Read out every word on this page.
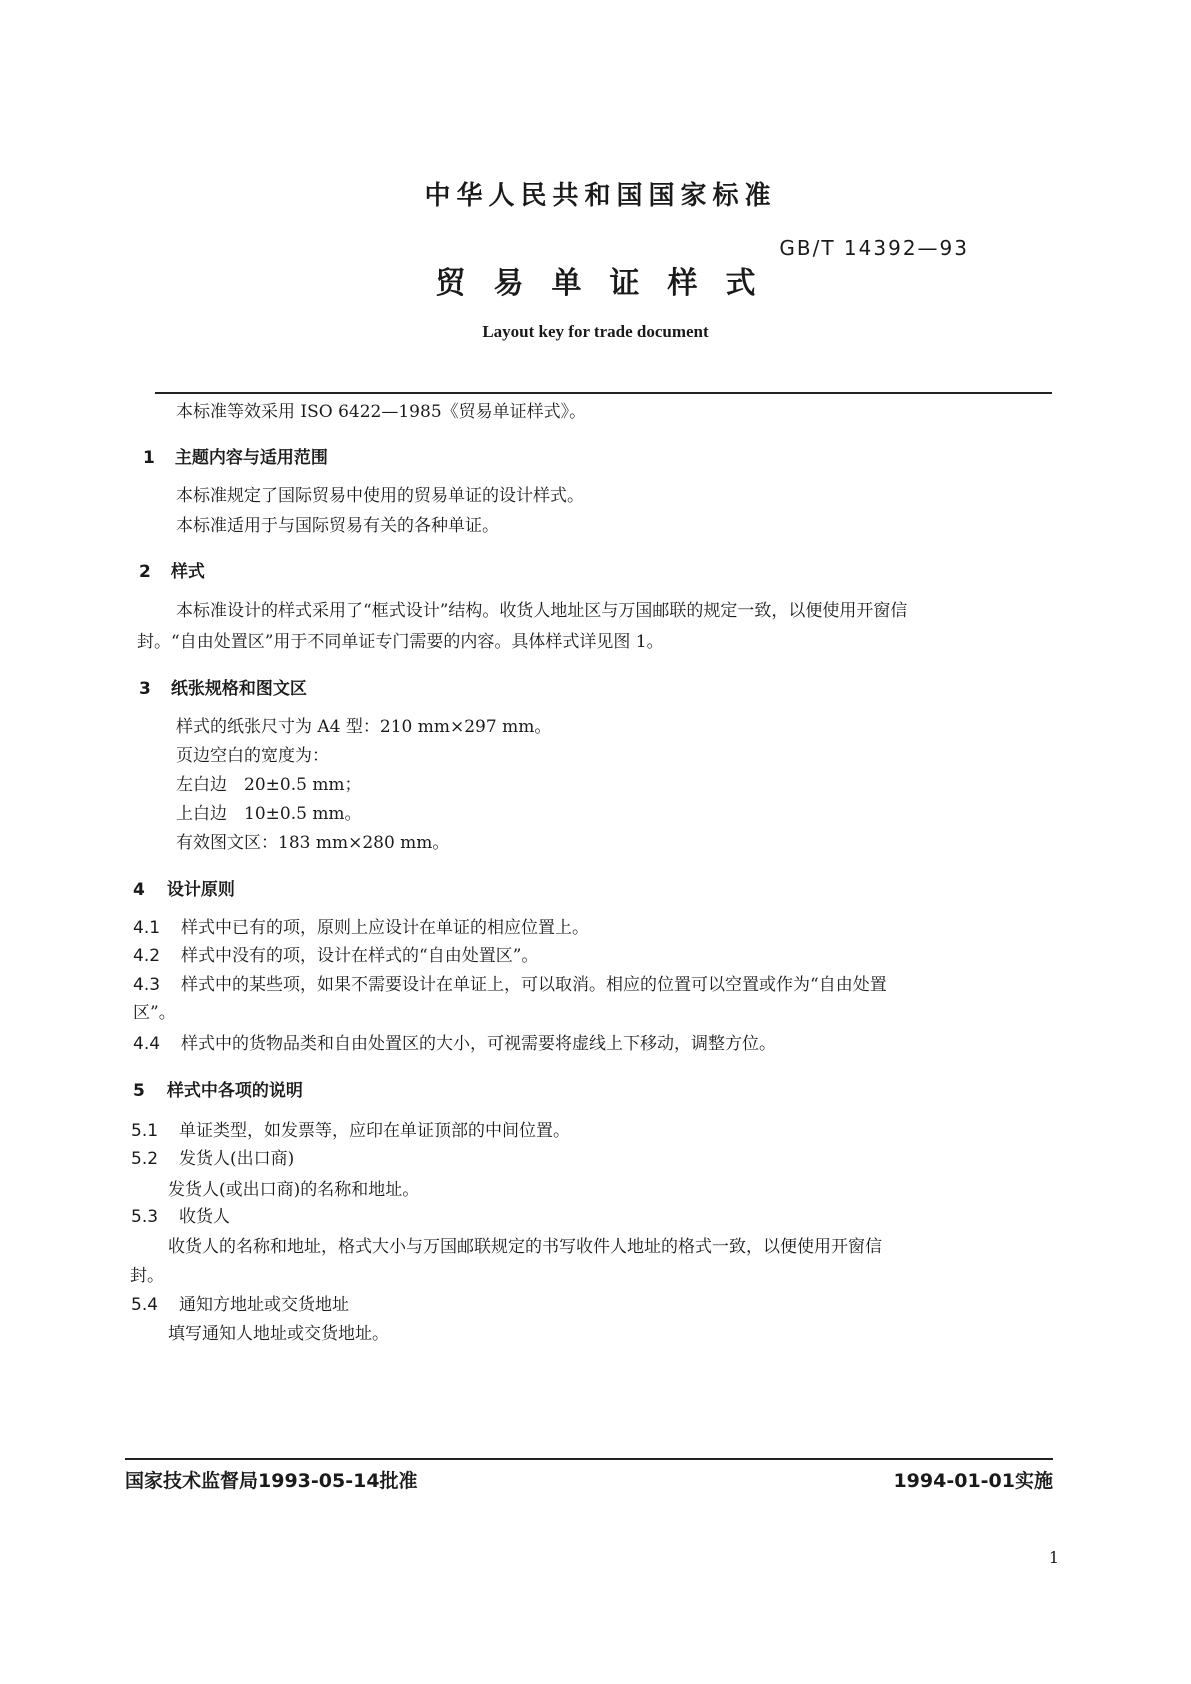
中华人民共和国国家标准
GB/T 14392—93
贸易单证样式
Layout key for trade document
本标准等效采用 ISO 6422—1985《贸易单证样式》。
1 主题内容与适用范围
本标准规定了国际贸易中使用的贸易单证的设计样式。
本标准适用于与国际贸易有关的各种单证。
2 样式
本标准设计的样式采用了“框式设计”结构。收货人地址区与万国邮联的规定一致，以便使用开窗信
封。“自由处置区”用于不同单证专门需要的内容。具体样式详见图 1。
3 纸张规格和图文区
样式的纸张尺寸为 A4 型：210 mm×297 mm。
页边空白的宽度为：
左白边　20±0.5 mm；
上白边　10±0.5 mm。
有效图文区：183 mm×280 mm。
4 设计原则
4.1 样式中已有的项，原则上应设计在单证的相应位置上。
4.2 样式中没有的项，设计在样式的“自由处置区”。
4.3 样式中的某些项，如果不需要设计在单证上，可以取消。相应的位置可以空置或作为“自由处置
区”。
4.4 样式中的货物品类和自由处置区的大小，可视需要将虚线上下移动，调整方位。
5 样式中各项的说明
5.1 单证类型，如发票等，应印在单证顶部的中间位置。
5.2 发货人(出口商)
发货人(或出口商)的名称和地址。
5.3 收货人
收货人的名称和地址，格式大小与万国邮联规定的书写收件人地址的格式一致，以便使用开窗信
封。
5.4 通知方地址或交货地址
填写通知人地址或交货地址。
国家技术监督局1993-05-14批准	1994-01-01实施
1
